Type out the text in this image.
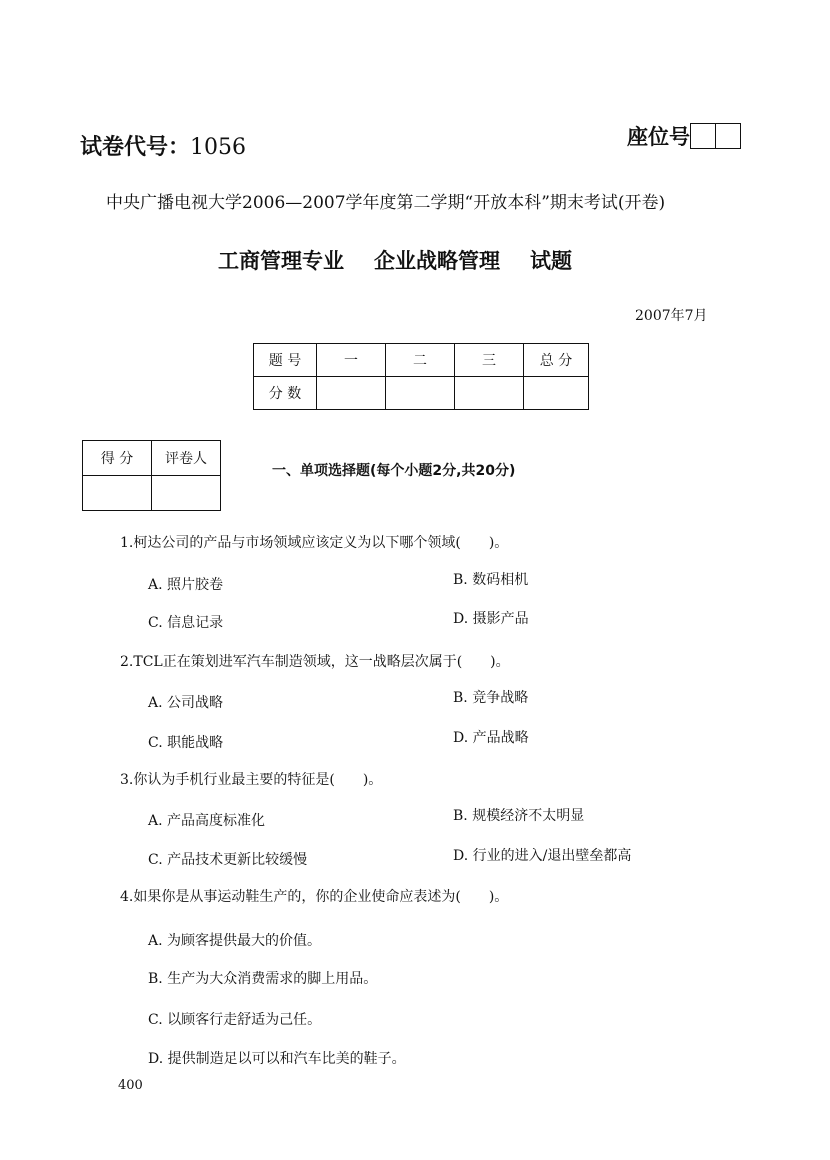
试卷代号：1056	座位号
中央广播电视大学2006—2007学年度第二学期“开放本科”期末考试(开卷)
工商管理专业 企业战略管理 试题
2007年7月
题 号	一	二	三	总 分
分 数				
得 分	评卷人

一、单项选择题(每个小题2分,共20分)
1.柯达公司的产品与市场领域应该定义为以下哪个领域(　　)。
A. 照片胶卷	B. 数码相机
C. 信息记录	D. 摄影产品
2.TCL正在策划进军汽车制造领域，这一战略层次属于(　　)。
A. 公司战略	B. 竞争战略
C. 职能战略	D. 产品战略
3.你认为手机行业最主要的特征是(　　)。
A. 产品高度标准化	B. 规模经济不太明显
C. 产品技术更新比较缓慢	D. 行业的进入/退出壁垒都高
4.如果你是从事运动鞋生产的，你的企业使命应表述为(　　)。
A. 为顾客提供最大的价值。
B. 生产为大众消费需求的脚上用品。
C. 以顾客行走舒适为己任。
D. 提供制造足以可以和汽车比美的鞋子。
400
